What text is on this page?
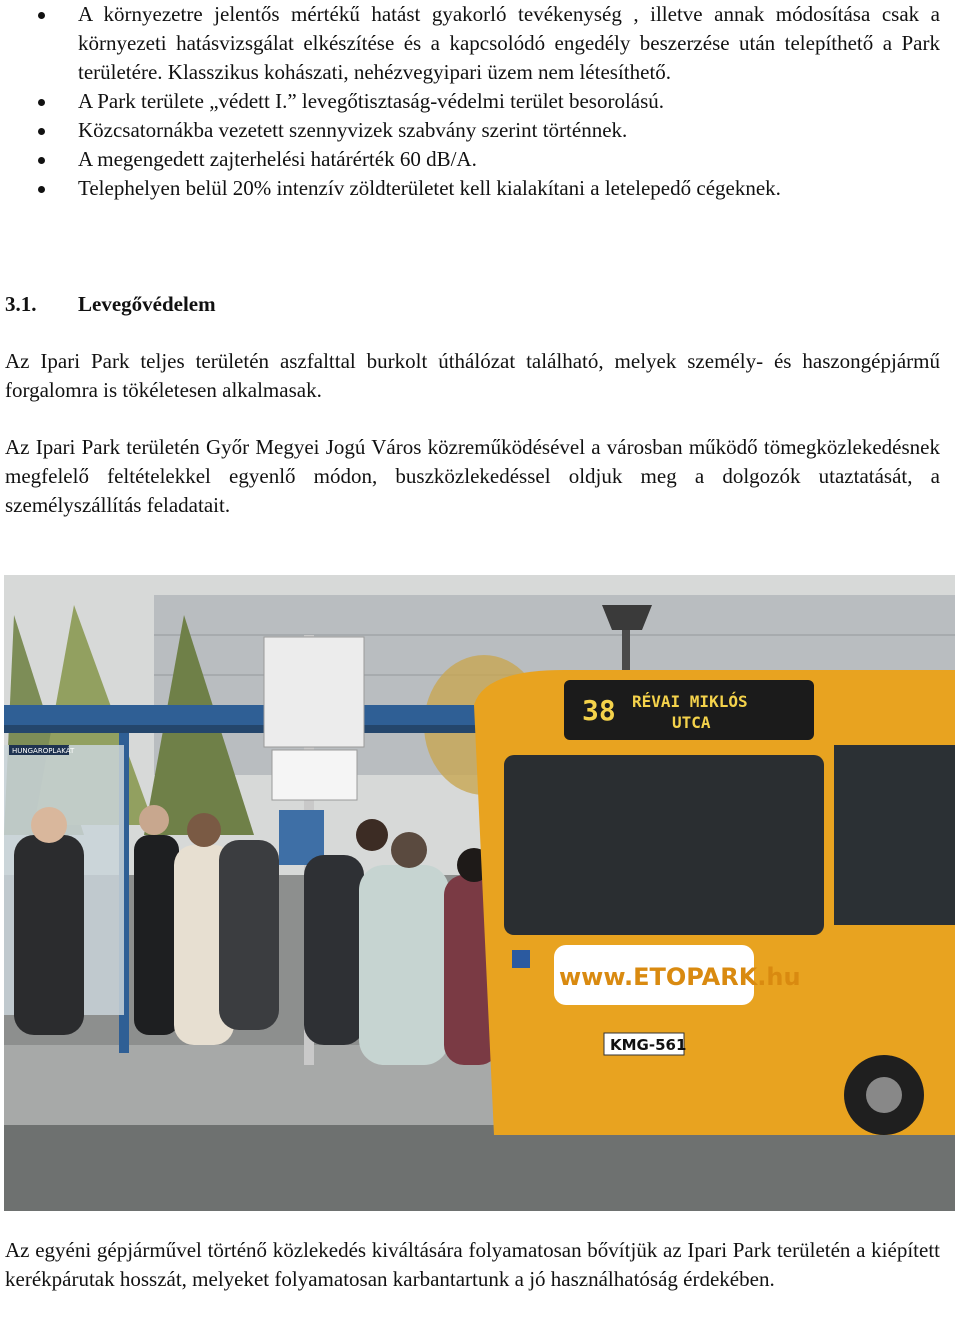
A környezetre jelentős mértékű hatást gyakorló tevékenység , illetve annak módosítása csak a környezeti hatásvizsgálat elkészítése és a kapcsolódó engedély beszerzése után telepíthető a Park területére. Klasszikus kohászati, nehézvegyipari üzem nem létesíthető.
A Park területe „védett I.” levegőtisztaság-védelmi terület besorolású.
Közcsatornákba vezetett szennyvizek szabvány szerint történnek.
A megengedett zajterhelési határérték 60 dB/A.
Telephelyen belül 20% intenzív zöldterületet kell kialakítani a letelepedő cégeknek.
3.1. Levegővédelem

Az Ipari Park teljes területén aszfalttal burkolt úthálózat található, melyek személy- és haszongépjármű forgalomra is tökéletesen alkalmasak.

Az Ipari Park területén Győr Megyei Jogú Város közreműködésével a városban működő tömegközlekedésnek megfelelő feltételekkel egyenlő módon, buszközlekedéssel oldjuk meg a dolgozók utaztatását, a személyszállítás feladatait.

HUNGAROPLAKÁT
38 RÉVAI MIKLÓS
UTCA
www.ETOPARK.hu
KMG-561

Az egyéni gépjárművel történő közlekedés kiváltására folyamatosan bővítjük az Ipari Park területén a kiépített kerékpárutak hosszát, melyeket folyamatosan karbantartunk a jó használhatóság érdekében.
